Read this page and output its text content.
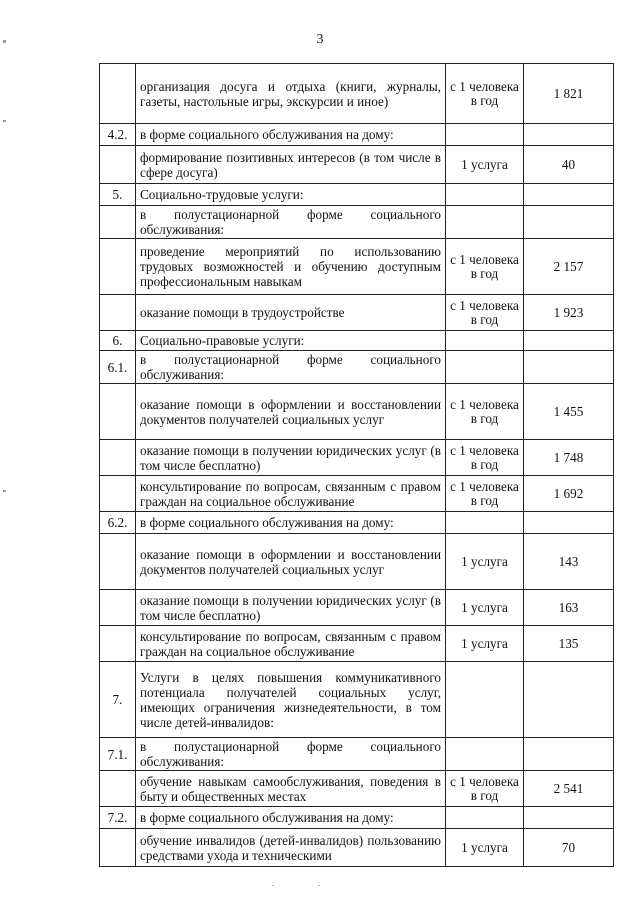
3
	организация досуга и отдыха (книги, журналы, газеты, настольные игры, экскурсии и иное)	с 1 человека в год	1 821
4.2.	в форме социального обслуживания на дому:		
	формирование позитивных интересов (в том числе в сфере досуга)	1 услуга	40
5.	Социально-трудовые услуги:		
	в полустационарной форме социального обслуживания:		
	проведение мероприятий по использованию трудовых возможностей и обучению доступным профессиональным навыкам	с 1 человека в год	2 157
	оказание помощи в трудоустройстве	с 1 человека в год	1 923
6.	Социально-правовые услуги:		
6.1.	в полустационарной форме социального обслуживания:		
	оказание помощи в оформлении и восстановлении документов получателей социальных услуг	с 1 человека в год	1 455
	оказание помощи в получении юридических услуг (в том числе бесплатно)	с 1 человека в год	1 748
	консультирование по вопросам, связанным с правом граждан на социальное обслуживание	с 1 человека в год	1 692
6.2.	в форме социального обслуживания на дому:		
	оказание помощи в оформлении и восстановлении документов получателей социальных услуг	1 услуга	143
	оказание помощи в получении юридических услуг (в том числе бесплатно)	1 услуга	163
	консультирование по вопросам, связанным с правом граждан на социальное обслуживание	1 услуга	135
7.	Услуги в целях повышения коммуникативного потенциала получателей социальных услуг, имеющих ограничения жизнедеятельности, в том числе детей-инвалидов:		
7.1.	в полустационарной форме социального обслуживания:		
	обучение навыкам самообслуживания, поведения в быту и общественных местах	с 1 человека в год	2 541
7.2.	в форме социального обслуживания на дому:		
	обучение инвалидов (детей-инвалидов) пользованию средствами ухода и техническими	1 услуга	70
